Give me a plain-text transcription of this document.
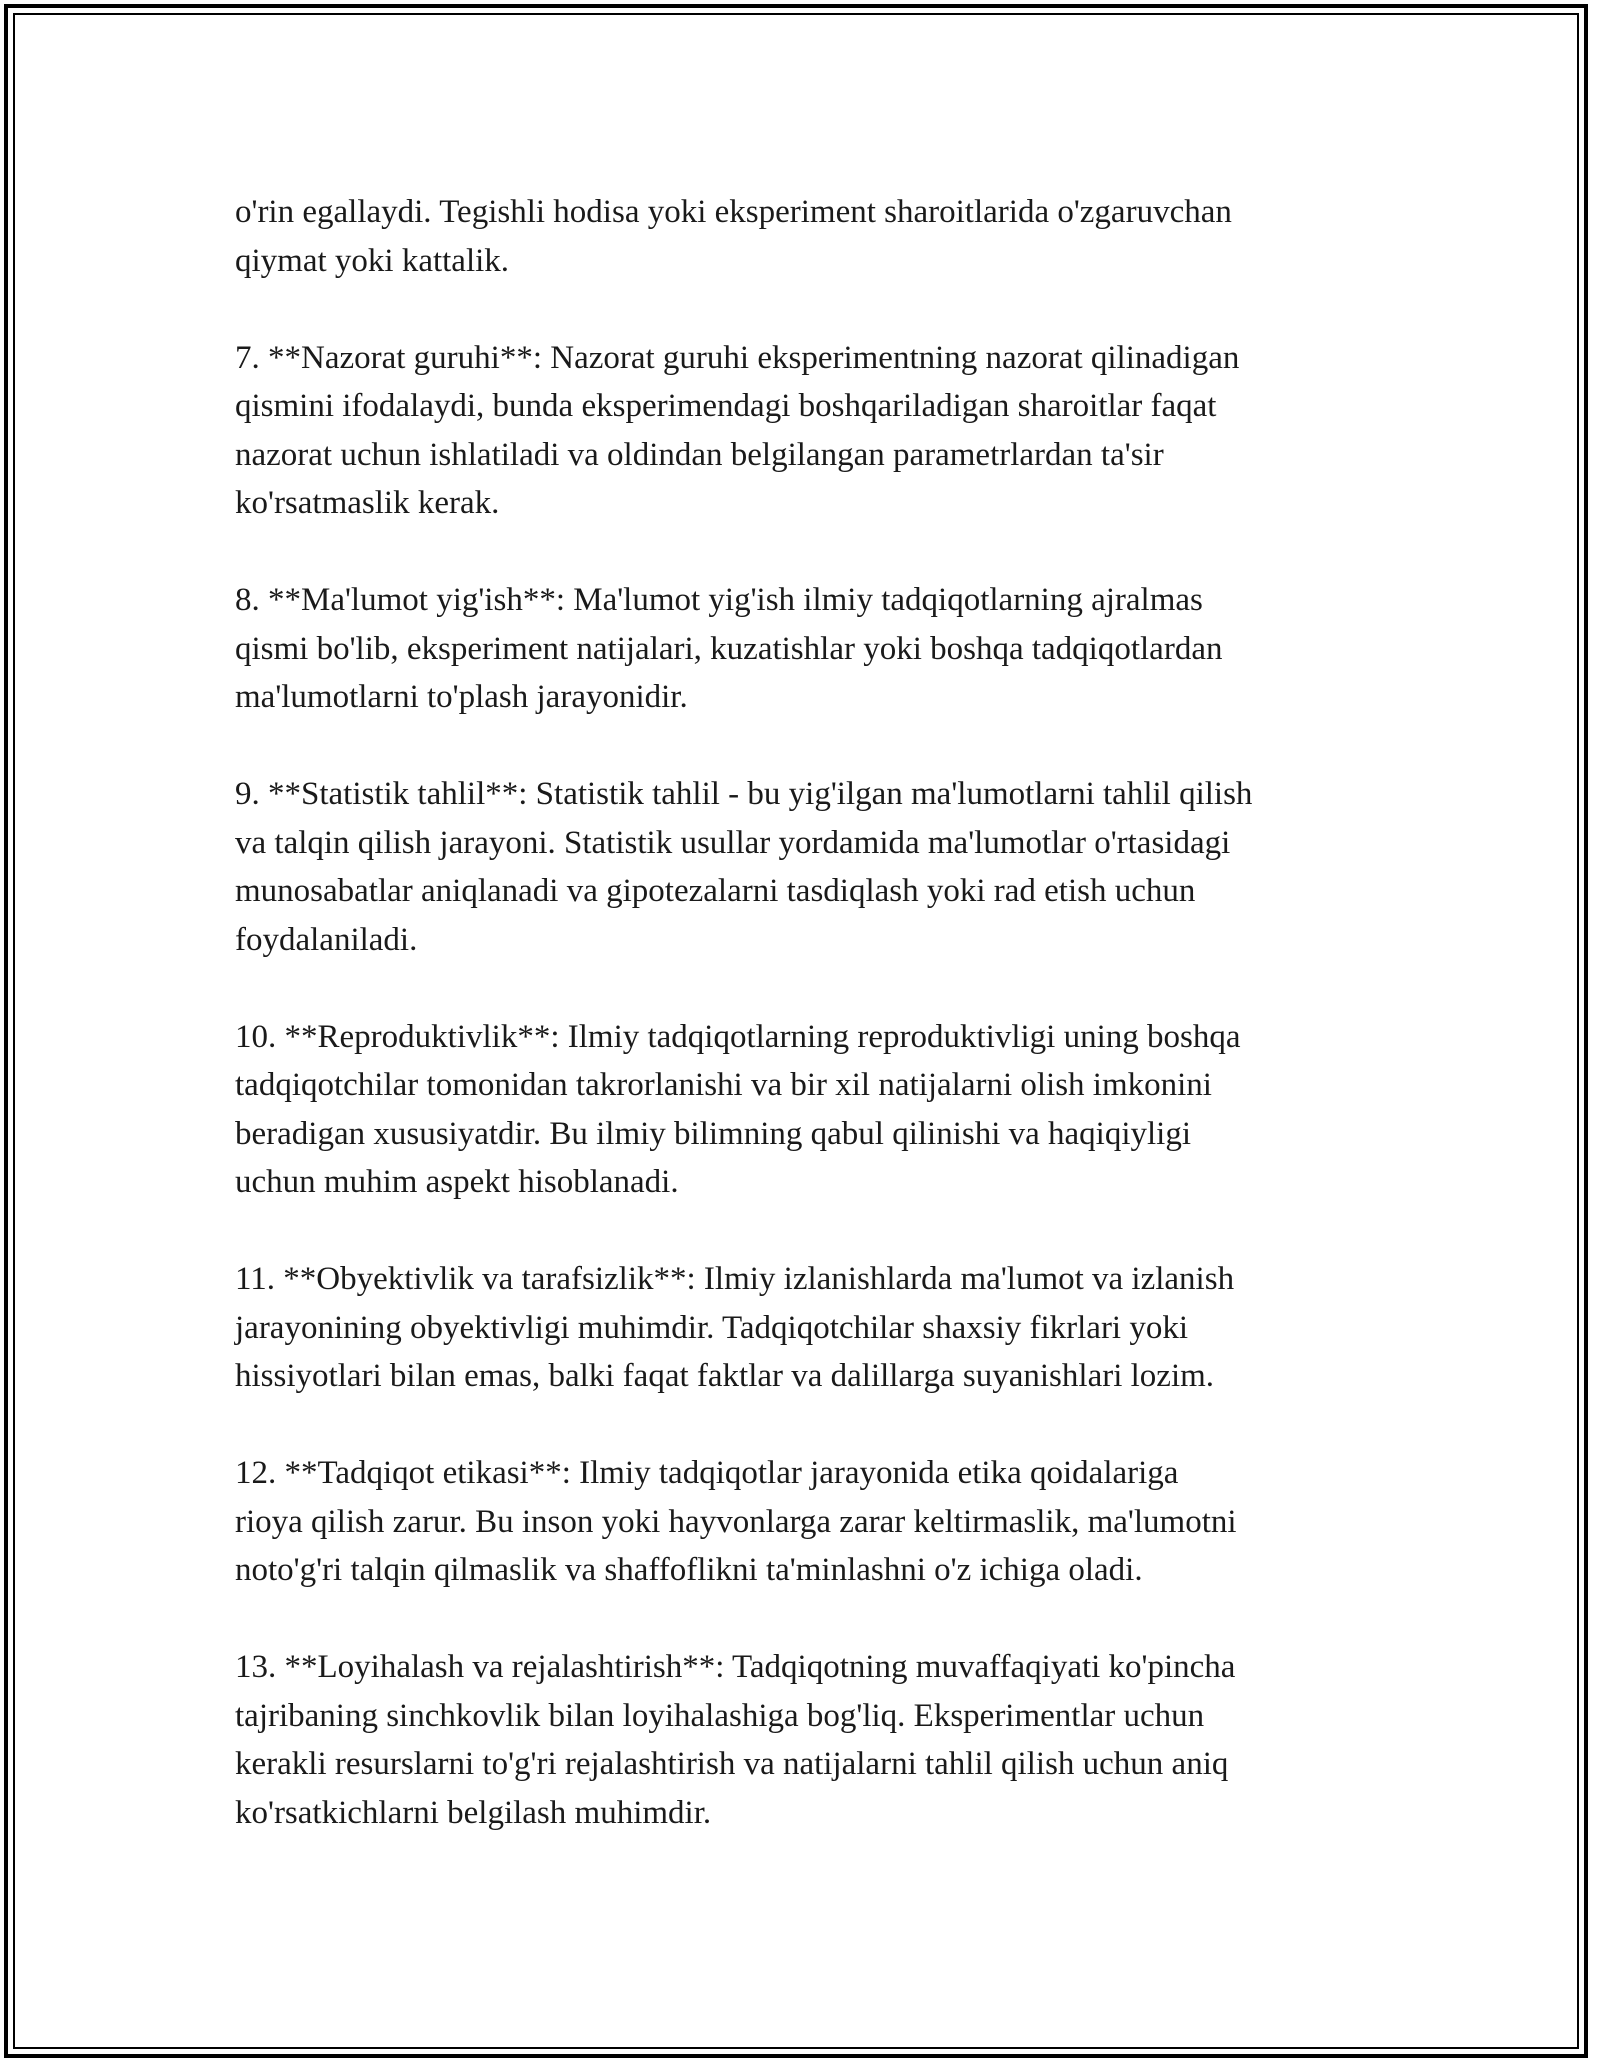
o'rin egallaydi. Tegishli hodisa yoki eksperiment sharoitlarida o'zgaruvchan
qiymat yoki kattalik.

7. **Nazorat guruhi**: Nazorat guruhi eksperimentning nazorat qilinadigan
qismini ifodalaydi, bunda eksperimendagi boshqariladigan sharoitlar faqat
nazorat uchun ishlatiladi va oldindan belgilangan parametrlardan ta'sir
ko'rsatmaslik kerak.

8. **Ma'lumot yig'ish**: Ma'lumot yig'ish ilmiy tadqiqotlarning ajralmas
qismi bo'lib, eksperiment natijalari, kuzatishlar yoki boshqa tadqiqotlardan
ma'lumotlarni to'plash jarayonidir.

9. **Statistik tahlil**: Statistik tahlil - bu yig'ilgan ma'lumotlarni tahlil qilish
va talqin qilish jarayoni. Statistik usullar yordamida ma'lumotlar o'rtasidagi
munosabatlar aniqlanadi va gipotezalarni tasdiqlash yoki rad etish uchun
foydalaniladi.

10. **Reproduktivlik**: Ilmiy tadqiqotlarning reproduktivligi uning boshqa
tadqiqotchilar tomonidan takrorlanishi va bir xil natijalarni olish imkonini
beradigan xususiyatdir. Bu ilmiy bilimning qabul qilinishi va haqiqiyligi
uchun muhim aspekt hisoblanadi.

11. **Obyektivlik va tarafsizlik**: Ilmiy izlanishlarda ma'lumot va izlanish
jarayonining obyektivligi muhimdir. Tadqiqotchilar shaxsiy fikrlari yoki
hissiyotlari bilan emas, balki faqat faktlar va dalillarga suyanishlari lozim.

12. **Tadqiqot etikasi**: Ilmiy tadqiqotlar jarayonida etika qoidalariga
rioya qilish zarur. Bu inson yoki hayvonlarga zarar keltirmaslik, ma'lumotni
noto'g'ri talqin qilmaslik va shaffoflikni ta'minlashni o'z ichiga oladi.

13. **Loyihalash va rejalashtirish**: Tadqiqotning muvaffaqiyati ko'pincha
tajribaning sinchkovlik bilan loyihalashiga bog'liq. Eksperimentlar uchun
kerakli resurslarni to'g'ri rejalashtirish va natijalarni tahlil qilish uchun aniq
ko'rsatkichlarni belgilash muhimdir.
